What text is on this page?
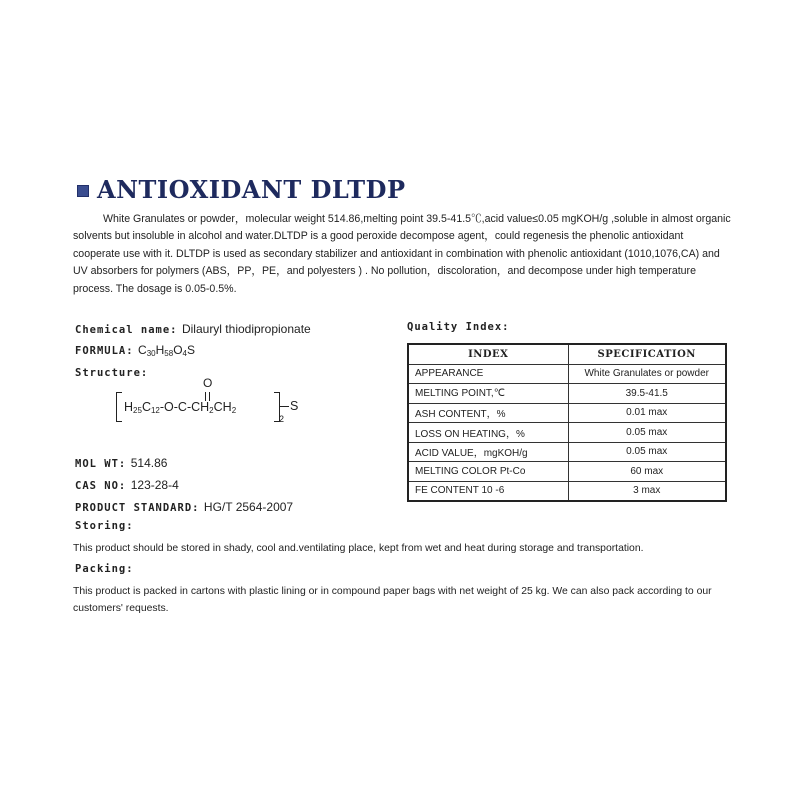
ANTIOXIDANT DLTDP
White Granulates or powder，molecular weight 514.86,melting point 39.5-41.5℃,acid value≤0.05 mgKOH/g ,soluble in almost organic solvents but insoluble in alcohol and water.DLTDP is a good peroxide decompose agent，could regenesis the phenolic antioxidant cooperate use with it. DLTDP is used as secondary stabilizer and antioxidant in combination with phenolic antioxidant (1010,1076,CA) and UV absorbers for polymers (ABS，PP，PE，and polyesters ) . No pollution，discoloration，and decompose under high temperature process. The dosage is 0.05-0.5%.
Chemical name: Dilauryl thiodipropionate
FORMULA: $C_{30}H_{58}O_4S$
Structure:
O
$H_{25}C_{12}-O-C-CH_2CH_2$
2
S
MOL WT: 514.86
CAS NO: 123-28-4
PRODUCT STANDARD: HG/T 2564-2007
Quality Index:
INDEX	SPECIFICATION
APPEARANCE	White Granulates or powder
MELTING POINT,℃	39.5-41.5
ASH CONTENT，%	0.01 max
LOSS ON HEATING，%	0.05 max
ACID VALUE，mgKOH/g	0.05 max
MELTING COLOR Pt-Co	60 max
FE CONTENT 10 -6	3 max
Storing:
This product should be stored in shady, cool and.ventilating place, kept from wet and heat during storage and transportation.
Packing:
This product is packed in cartons with plastic lining or in compound paper bags with net weight of 25 kg. We can also pack according to our customers' requests.
